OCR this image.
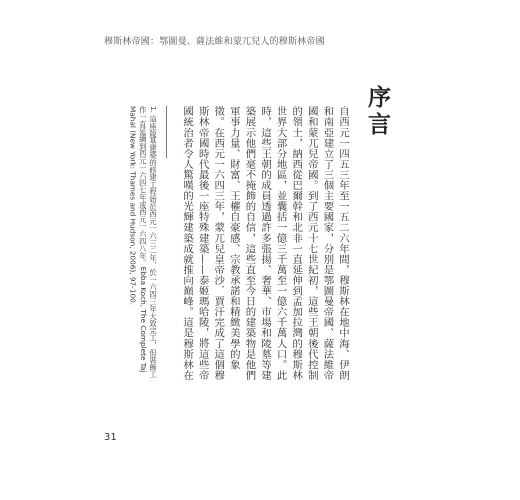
穆斯林帝國：鄂圖曼、薩法維和蒙兀兒人的穆斯林帝國
序言
自西元一四五三年至一五二六年間，穆斯林在地中海、伊朗和南亞建立了三個主要國家，分別是鄂圖曼帝國、薩法維帝國和蒙兀兒帝國。到了西元十七世紀初，這些王朝後代控制的領土，納西從巴爾幹和北非一直延伸到孟加拉灣的穆斯林世界大部分地區，並囊括一億三千萬至一億六千萬人口。此時，這些王朝的成員透過許多張揚、奢華、市場和陵墓等建築展示他們毫不掩飾的自信，這些直至今日的建築物是他們軍事力量、財富、王權自豪感、宗教承諾和精緻美學的象徵。在西元一六四三年，蒙兀兒皇帝沙．賈汗完成了這個穆斯林帝國時代最後一座特殊建築——泰姬瑪哈陵，將這些帝國統治者令人驚嘆的光輝建築成就推向巔峰。這是穆斯林在
1. 這座陵墓建築的修建工程始於西元一六三二年，於一六四三年大致完工，但裝飾工作一直延續到西元一六四七年或西元一六四八年。Ebba Koch, The Complete Taj Mahal (New York: Thames and Hudson, 2006), 97-100.
31
